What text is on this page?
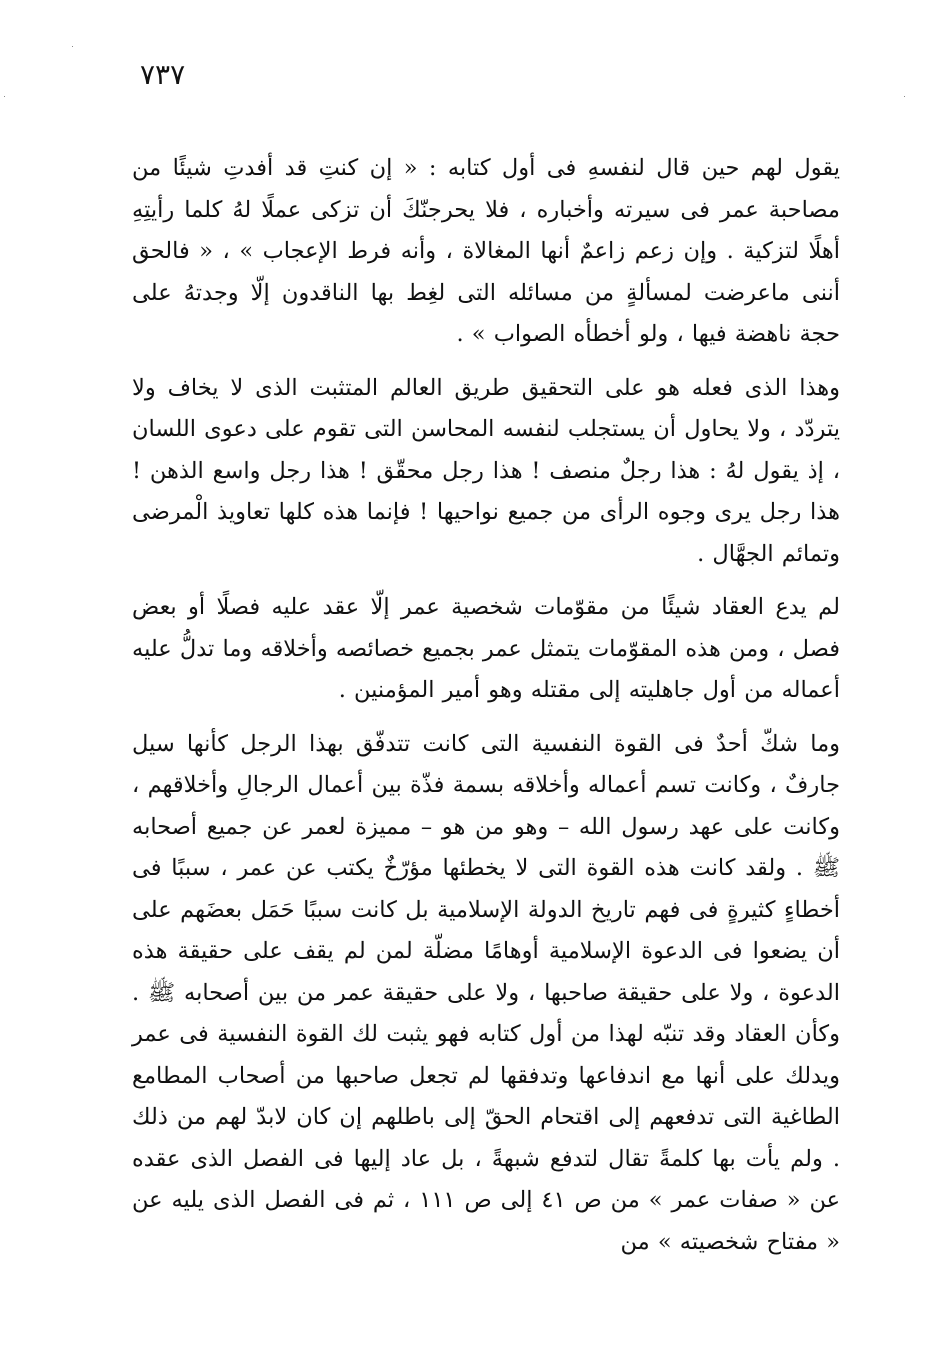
٧٣٧

يقول لهم حين قال لنفسهِ فى أول كتابه : « إن كنتِ قد أفدتِ شيئًا من مصاحبة عمر فى سيرته وأخباره ، فلا يحرجنّكَ أن تزكى عملًا لهُ كلما رأيتِهِ أهلًا لتزكية . وإن زعم زاعمٌ أنها المغالاة ، وأنه فرط الإعجاب » ، « فالحق أننى ماعرضت لمسألةٍ من مسائله التى لغِط بها الناقدون إلّا وجدتهُ على حجة ناهضة فيها ، ولو أخطأه الصواب » .

وهذا الذى فعله هو على التحقيق طريق العالم المتثبت الذى لا يخاف ولا يتردّد ، ولا يحاول أن يستجلب لنفسه المحاسن التى تقوم على دعوى اللسان ، إذ يقول لهُ : هذا رجلٌ منصف ! هذا رجل محقّق ! هذا رجل واسع الذهن ! هذا رجل يرى وجوه الرأى من جميع نواحيها ! فإنما هذه كلها تعاويذ الْمرضى وتمائم الجهَّال .

لم يدع العقاد شيئًا من مقوّمات شخصية عمر إلّا عقد عليه فصلًا أو بعض فصل ، ومن هذه المقوّمات يتمثل عمر بجميع خصائصه وأخلاقه وما تدلُّ عليه أعماله من أول جاهليته إلى مقتله وهو أمير المؤمنين .

وما شكّ أحدٌ فى القوة النفسية التى كانت تتدفّق بهذا الرجل كأنها سيل جارفٌ ، وكانت تسم أعماله وأخلاقه بسمة فذّة بين أعمال الرجالِ وأخلاقهم ، وكانت على عهد رسول الله – وهو من هو – مميزة لعمر عن جميع أصحابه ﷺ . ولقد كانت هذه القوة التى لا يخطئها مؤرّخٌ يكتب عن عمر ، سببًا فى أخطاءٍ كثيرةٍ فى فهم تاريخ الدولة الإسلامية بل كانت سببًا حَمَل بعضَهم على أن يضعوا فى الدعوة الإسلامية أوهامًا مضلّة لمن لم يقف على حقيقة هذه الدعوة ، ولا على حقيقة صاحبها ، ولا على حقيقة عمر من بين أصحابه ﷺ . وكأن العقاد وقد تنبّه لهذا من أول كتابه فهو يثبت لك القوة النفسية فى عمر ويدلك على أنها مع اندفاعها وتدفقها لم تجعل صاحبها من أصحاب المطامع الطاغية التى تدفعهم إلى اقتحام الحقّ إلى باطلهم إن كان لابدّ لهم من ذلك . ولم يأت بها كلمةً تقال لتدفع شبهةً ، بل عاد إليها فى الفصل الذى عقده عن « صفات عمر » من ص ٤١ إلى ص ١١١ ، ثم فى الفصل الذى يليه عن « مفتاح شخصيته » من
